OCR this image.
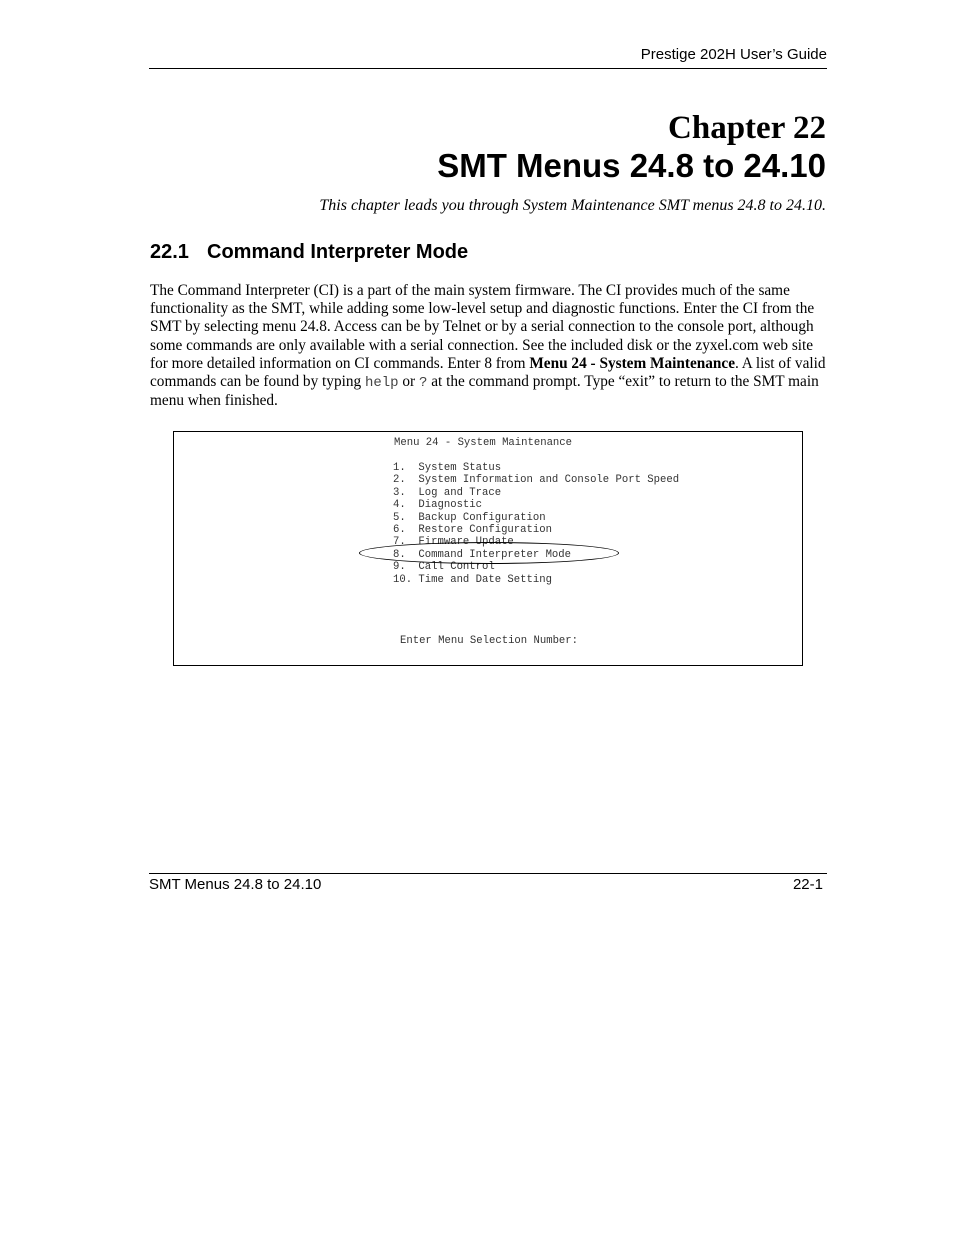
Prestige 202H User’s Guide
Chapter 22
SMT Menus 24.8 to 24.10
This chapter leads you through System Maintenance SMT menus 24.8 to 24.10.
22.1 Command Interpreter Mode
The Command Interpreter (CI) is a part of the main system firmware. The CI provides much of the same functionality as the SMT, while adding some low-level setup and diagnostic functions. Enter the CI from the SMT by selecting menu 24.8. Access can be by Telnet or by a serial connection to the console port, although some commands are only available with a serial connection. See the included disk or the zyxel.com web site for more detailed information on CI commands. Enter 8 from Menu 24 - System Maintenance. A list of valid commands can be found by typing help or ? at the command prompt. Type “exit” to return to the SMT main menu when finished.
Menu 24 - System Maintenance
1.  System Status
2.  System Information and Console Port Speed
3.  Log and Trace
4.  Diagnostic
5.  Backup Configuration
6.  Restore Configuration
7.  Firmware Update
8.  Command Interpreter Mode
9.  Call Control
10. Time and Date Setting
Enter Menu Selection Number:
SMT Menus 24.8 to 24.10	22-1
